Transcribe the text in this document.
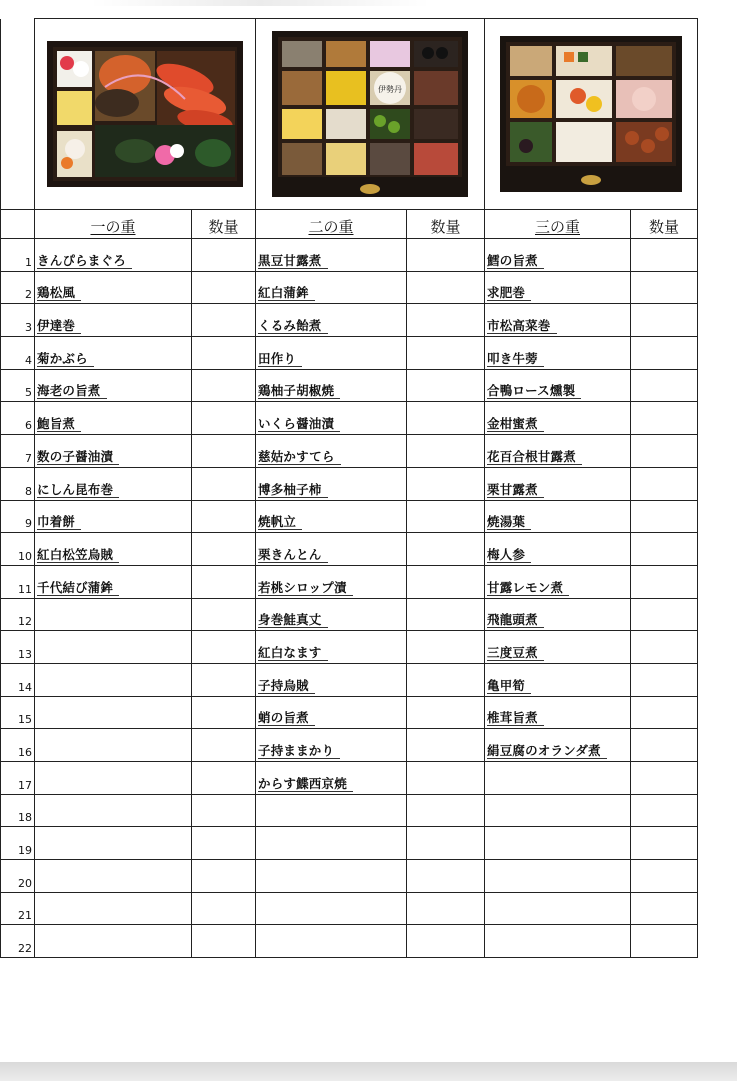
伊勢丹

	一の重	数量	二の重	数量	三の重	数量
1	きんぴらまぐろ		黒豆甘露煮		鱈の旨煮	
2	鶏松風		紅白蒲鉾		求肥巻	
3	伊達巻		くるみ飴煮		市松高菜巻	
4	菊かぶら		田作り		叩き牛蒡	
5	海老の旨煮		鶏柚子胡椒焼		合鴨ロース燻製	
6	鮑旨煮		いくら醤油漬		金柑蜜煮	
7	数の子醤油漬		慈姑かすてら		花百合根甘露煮	
8	にしん昆布巻		博多柚子柿		栗甘露煮	
9	巾着餅		焼帆立		焼湯葉	
10	紅白松笠烏賊		栗きんとん		梅人参	
11	千代結び蒲鉾		若桃シロップ漬		甘露レモン煮	
12			身巻鮭真丈		飛龍頭煮	
13			紅白なます		三度豆煮	
14			子持烏賊		亀甲筍	
15			蛸の旨煮		椎茸旨煮	
16			子持ままかり		絹豆腐のオランダ煮	
17			からす鰈西京焼			
18						
19						
20						
21						
22						
